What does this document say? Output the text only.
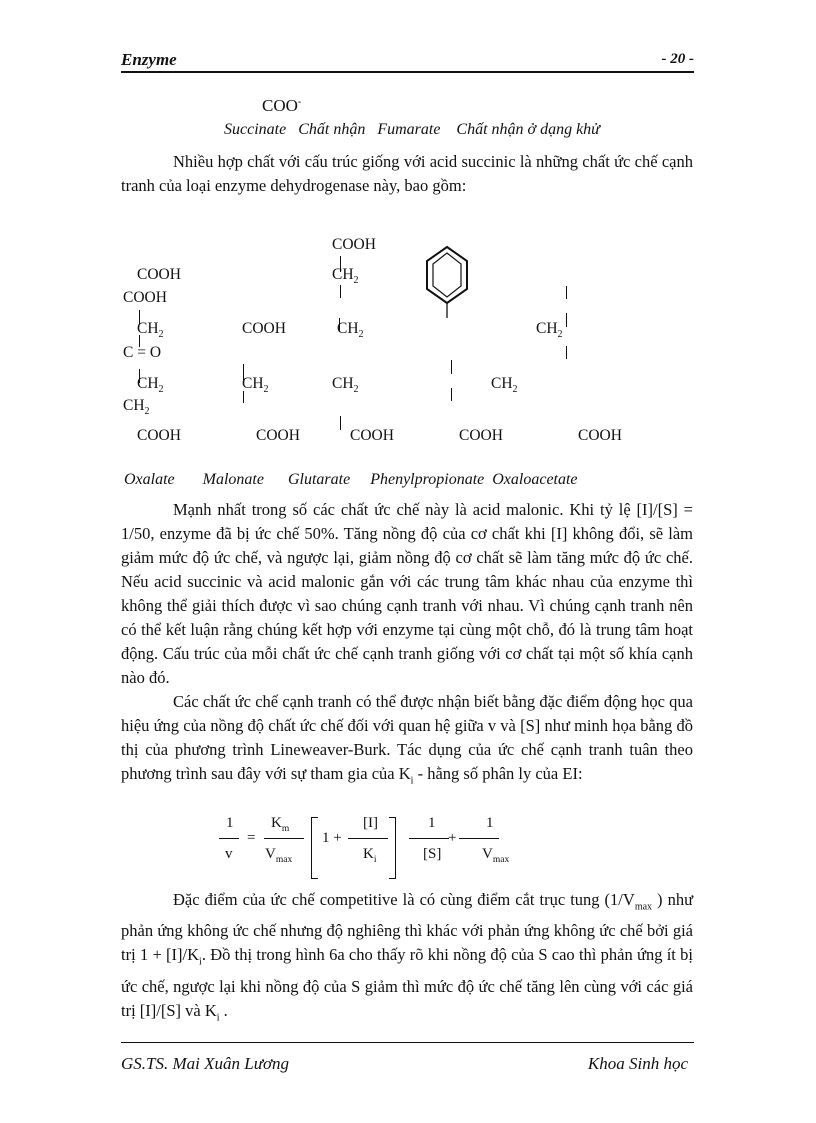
Enzyme	- 20 -
COO-
Succinate   Chất nhận   Fumarate    Chất nhận ở dạng khử
Nhiều hợp chất với cấu trúc giống với acid succinic là những chất ức chế cạnh tranh của loại enzyme dehydrogenase này, bao gồm:
COOH
COOH
COOH
$CH_2$
C = O
$CH_2$
$CH_2$
COOH
$CH_2$
COOH
COOH
$CH_2$
$CH_2$
$CH_2$
COOH	COOH
$CH_2$
$CH_2$
COOH
Oxalate       Malonate      Glutarate     Phenylpropionate  Oxaloacetate
Mạnh nhất trong số các chất ức chế này là acid malonic. Khi tỷ lệ [I]/[S] = 1/50, enzyme đã bị ức chế 50%. Tăng nồng độ của cơ chất khi [I] không đổi, sẽ làm giảm mức độ ức chế, và ngược lại, giảm nồng độ cơ chất sẽ làm tăng mức độ ức chế. Nếu acid succinic và acid malonic gắn với các trung tâm khác nhau của enzyme thì không thể giải thích được vì sao chúng cạnh tranh với nhau. Vì chúng cạnh tranh nên có thể kết luận rằng chúng kết hợp với enzyme tại cùng một chỗ, đó là trung tâm hoạt động. Cấu trúc của mỗi chất ức chế cạnh tranh giống với cơ chất tại một số khía cạnh nào đó.
Các chất ức chế cạnh tranh có thể được nhận biết bằng đặc điểm động học qua hiệu ứng của nồng độ chất ức chế đối với quan hệ giữa v và [S] như minh họa bằng đồ thị của phương trình Lineweaver-Burk. Tác dụng của ức chế cạnh tranh tuân theo phương trình sau đây với sự tham gia của $K_i$ - hằng số phân ly của EI:
1
v
=
$K_m$
$V_{max}$
1 +
[I]
$K_i$
1
[S]
+
1
$V_{max}$
Đặc điểm của ức chế competitive là có cùng điểm cắt trục tung ($1/V_{max}$ ) như phản ứng không ức chế nhưng độ nghiêng thì khác với phản ứng không ức chế bởi giá trị $1 + [I]/K_i$. Đồ thị trong hình 6a cho thấy rõ khi nồng độ của S cao thì phản ứng ít bị ức chế, ngược lại khi nồng độ của S giảm thì mức độ ức chế tăng lên cùng với các giá trị [I]/[S] và $K_i$ .
GS.TS. Mai Xuân Lương	Khoa Sinh học
